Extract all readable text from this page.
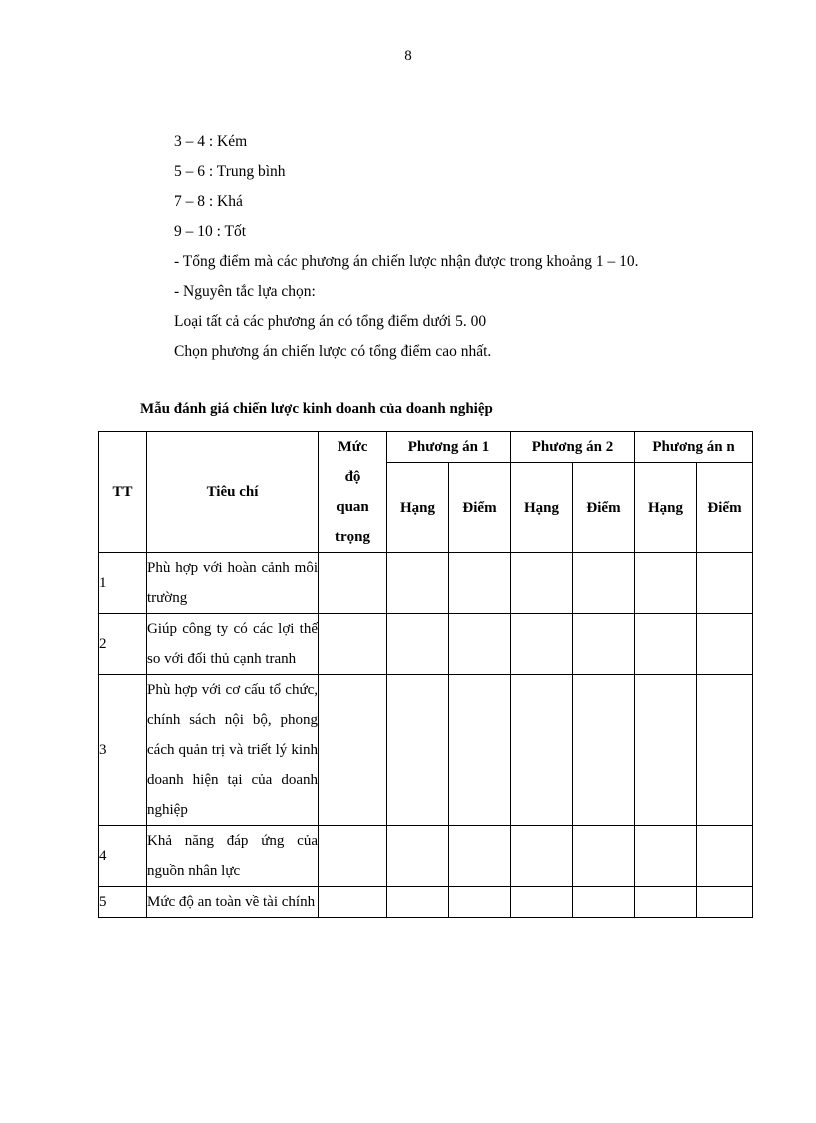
8
3 – 4 : Kém
5 – 6 : Trung bình
7 – 8 : Khá
9 – 10 : Tốt
- Tổng điểm mà các phương án chiến lược nhận được trong khoảng 1 – 10.
- Nguyên tắc lựa chọn:
Loại tất cả các phương án có tổng điểm dưới 5. 00
Chọn phương án chiến lược có tổng điểm cao nhất.
Mẫu đánh giá chiến lược kinh doanh của doanh nghiệp
TT	Tiêu chí	Mức
độ
quan
trọng	Phương án 1		Phương án 2		Phương án n	
			Hạng	Điểm	Hạng	Điểm	Hạng	Điểm
1	Phù hợp với hoàn cảnh môi trường							
2	Giúp công ty có các lợi thế so với đối thủ cạnh tranh							
3	Phù hợp với cơ cấu tổ chức, chính sách nội bộ, phong cách quản trị và triết lý kinh doanh hiện tại của doanh nghiệp							
4	Khả năng đáp ứng của nguồn nhân lực							
5	Mức độ an toàn về tài chính							
